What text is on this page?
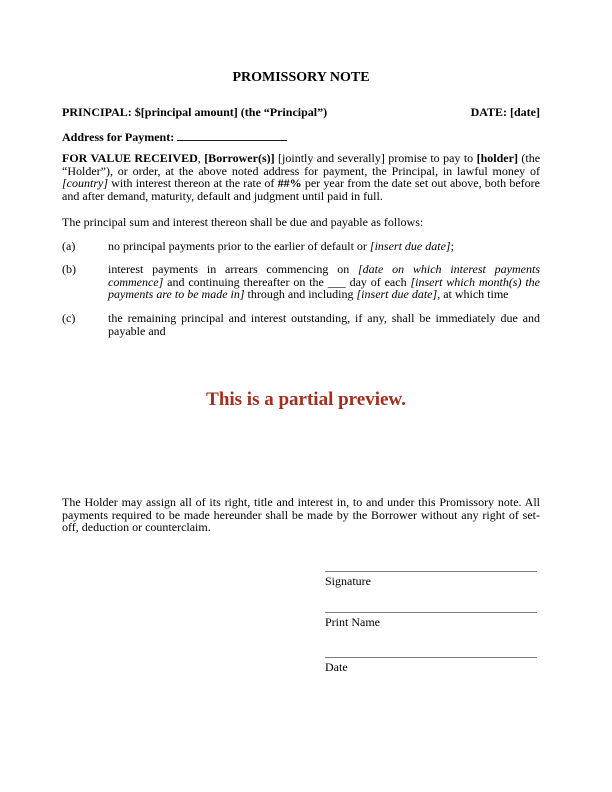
PROMISSORY NOTE
PRINCIPAL: $[principal amount] (the “Principal”)	DATE: [date]
Address for Payment:

FOR VALUE RECEIVED, [Borrower(s)] [jointly and severally] promise to pay to [holder] (the “Holder”), or order, at the above noted address for payment, the Principal, in lawful money of [country] with interest thereon at the rate of ##% per year from the date set out above, both before and after demand, maturity, default and judgment until paid in full.

The principal sum and interest thereon shall be due and payable as follows:

(a)	no principal payments prior to the earlier of default or [insert due date];
(b)	interest payments in arrears commencing on [date on which interest payments commence] and continuing thereafter on the ___ day of each [insert which month(s) the payments are to be made in] through and including [insert due date], at which time
(c)	the remaining principal and interest outstanding, if any, shall be immediately due and payable and
This is a partial preview.

The Holder may assign all of its right, title and interest in, to and under this Promissory note. All payments required to be made hereunder shall be made by the Borrower without any right of set-off, deduction or counterclaim.

Signature
Print Name
Date
